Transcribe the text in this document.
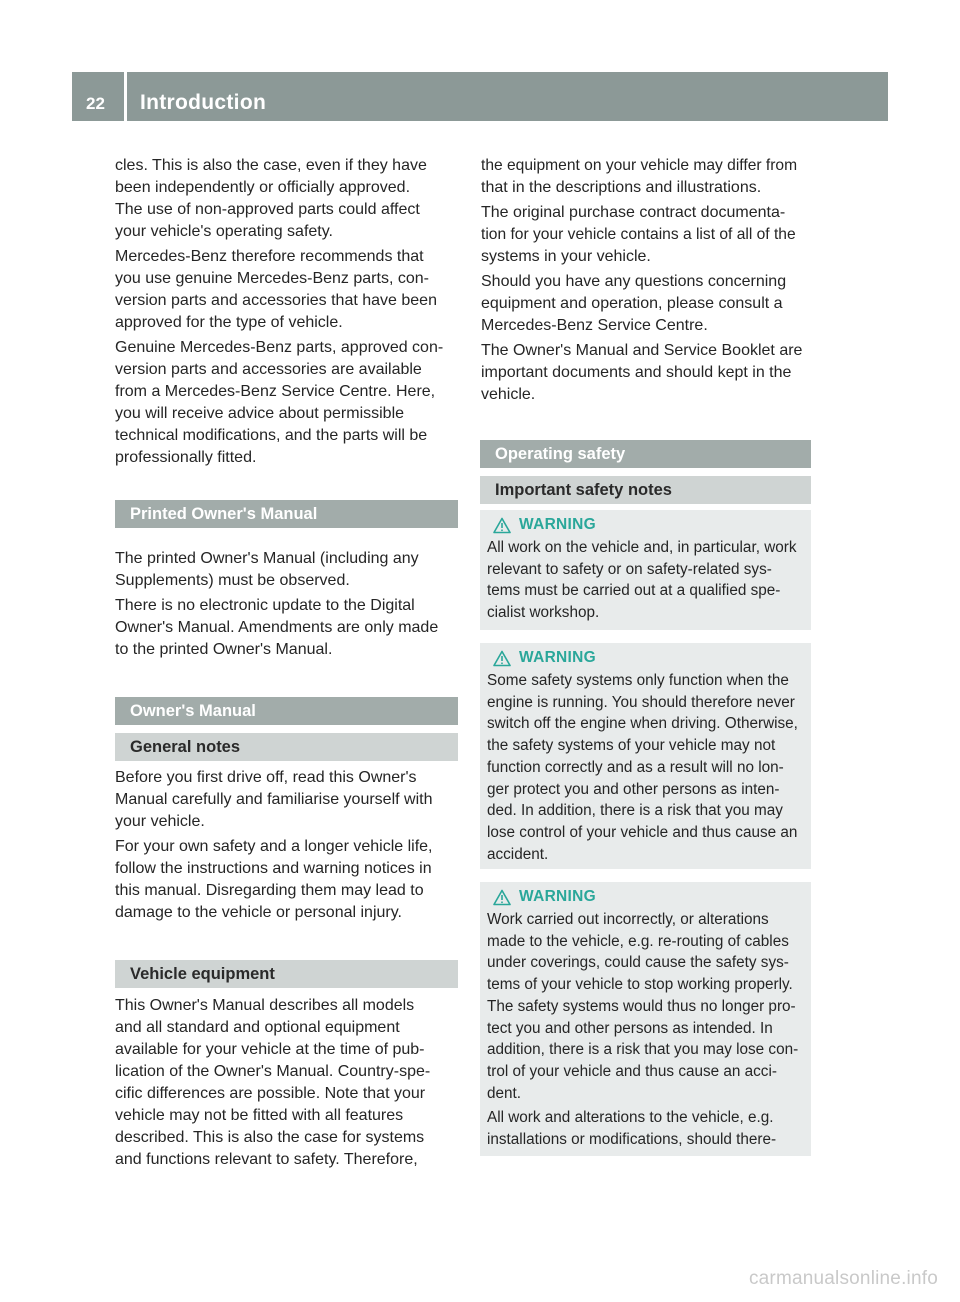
22 Introduction
cles. This is also the case, even if they have
been independently or officially approved.
The use of non-approved parts could affect
your vehicle's operating safety.
Mercedes-Benz therefore recommends that
you use genuine Mercedes-Benz parts, con-
version parts and accessories that have been
approved for the type of vehicle.
Genuine Mercedes-Benz parts, approved con-
version parts and accessories are available
from a Mercedes-Benz Service Centre. Here,
you will receive advice about permissible
technical modifications, and the parts will be
professionally fitted.
Printed Owner's Manual
The printed Owner's Manual (including any
Supplements) must be observed.
There is no electronic update to the Digital
Owner's Manual. Amendments are only made
to the printed Owner's Manual.
Owner's Manual
General notes
Before you first drive off, read this Owner's
Manual carefully and familiarise yourself with
your vehicle.
For your own safety and a longer vehicle life,
follow the instructions and warning notices in
this manual. Disregarding them may lead to
damage to the vehicle or personal injury.
Vehicle equipment
This Owner's Manual describes all models
and all standard and optional equipment
available for your vehicle at the time of pub-
lication of the Owner's Manual. Country-spe-
cific differences are possible. Note that your
vehicle may not be fitted with all features
described. This is also the case for systems
and functions relevant to safety. Therefore,
the equipment on your vehicle may differ from
that in the descriptions and illustrations.
The original purchase contract documenta-
tion for your vehicle contains a list of all of the
systems in your vehicle.
Should you have any questions concerning
equipment and operation, please consult a
Mercedes-Benz Service Centre.
The Owner's Manual and Service Booklet are
important documents and should kept in the
vehicle.
Operating safety
Important safety notes
WARNING
All work on the vehicle and, in particular, work
relevant to safety or on safety-related sys-
tems must be carried out at a qualified spe-
cialist workshop.
WARNING
Some safety systems only function when the
engine is running. You should therefore never
switch off the engine when driving. Otherwise,
the safety systems of your vehicle may not
function correctly and as a result will no lon-
ger protect you and other persons as inten-
ded. In addition, there is a risk that you may
lose control of your vehicle and thus cause an
accident.
WARNING
Work carried out incorrectly, or alterations
made to the vehicle, e.g. re-routing of cables
under coverings, could cause the safety sys-
tems of your vehicle to stop working properly.
The safety systems would thus no longer pro-
tect you and other persons as intended. In
addition, there is a risk that you may lose con-
trol of your vehicle and thus cause an acci-
dent.
All work and alterations to the vehicle, e.g.
installations or modifications, should there-
carmanualsonline.info
